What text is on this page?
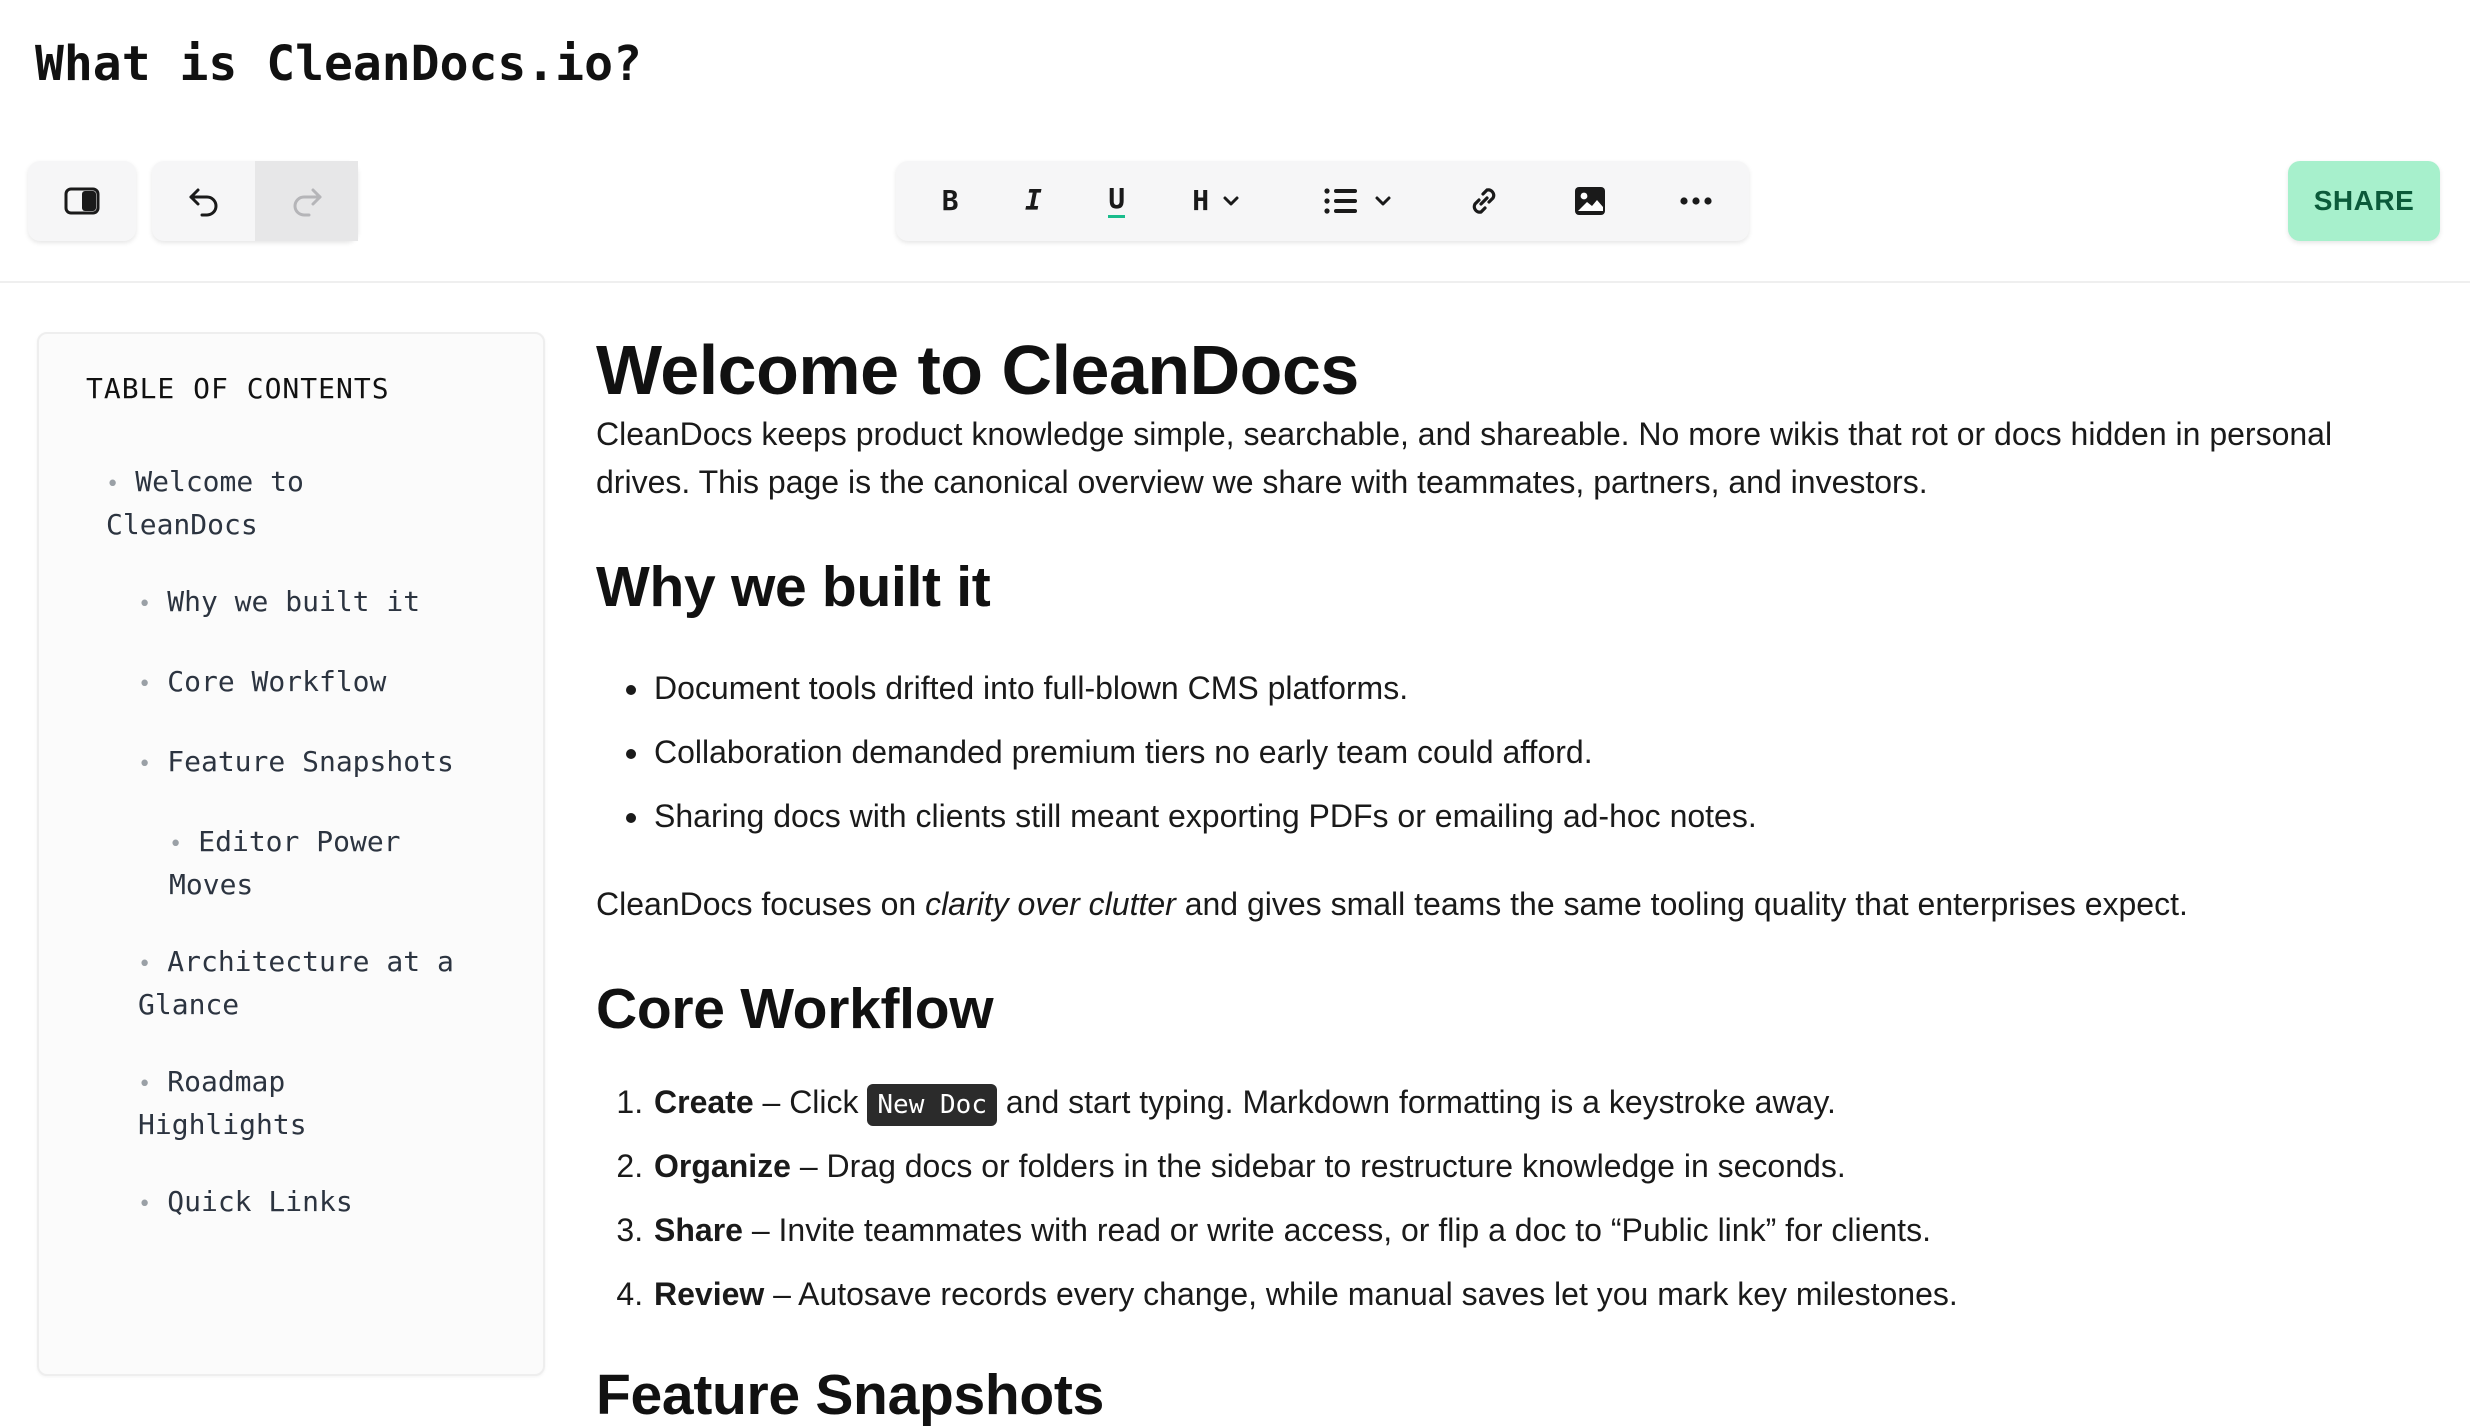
What is CleanDocs.io?
B I U H	SHARE
TABLE OF CONTENTS
• Welcome to CleanDocs
• Why we built it
• Core Workflow
• Feature Snapshots
• Editor Power Moves
• Architecture at a Glance
• Roadmap Highlights
• Quick Links
Welcome to CleanDocs

CleanDocs keeps product knowledge simple, searchable, and shareable. No more wikis that rot or docs hidden in personal drives. This page is the canonical overview we share with teammates, partners, and investors.

Why we built it
• Document tools drifted into full-blown CMS platforms.
• Collaboration demanded premium tiers no early team could afford.
• Sharing docs with clients still meant exporting PDFs or emailing ad-hoc notes.

CleanDocs focuses on clarity over clutter and gives small teams the same tooling quality that enterprises expect.

Core Workflow
1. Create – Click New Doc and start typing. Markdown formatting is a keystroke away.
2. Organize – Drag docs or folders in the sidebar to restructure knowledge in seconds.
3. Share – Invite teammates with read or write access, or flip a doc to “Public link” for clients.
4. Review – Autosave records every change, while manual saves let you mark key milestones.
Feature Snapshots
